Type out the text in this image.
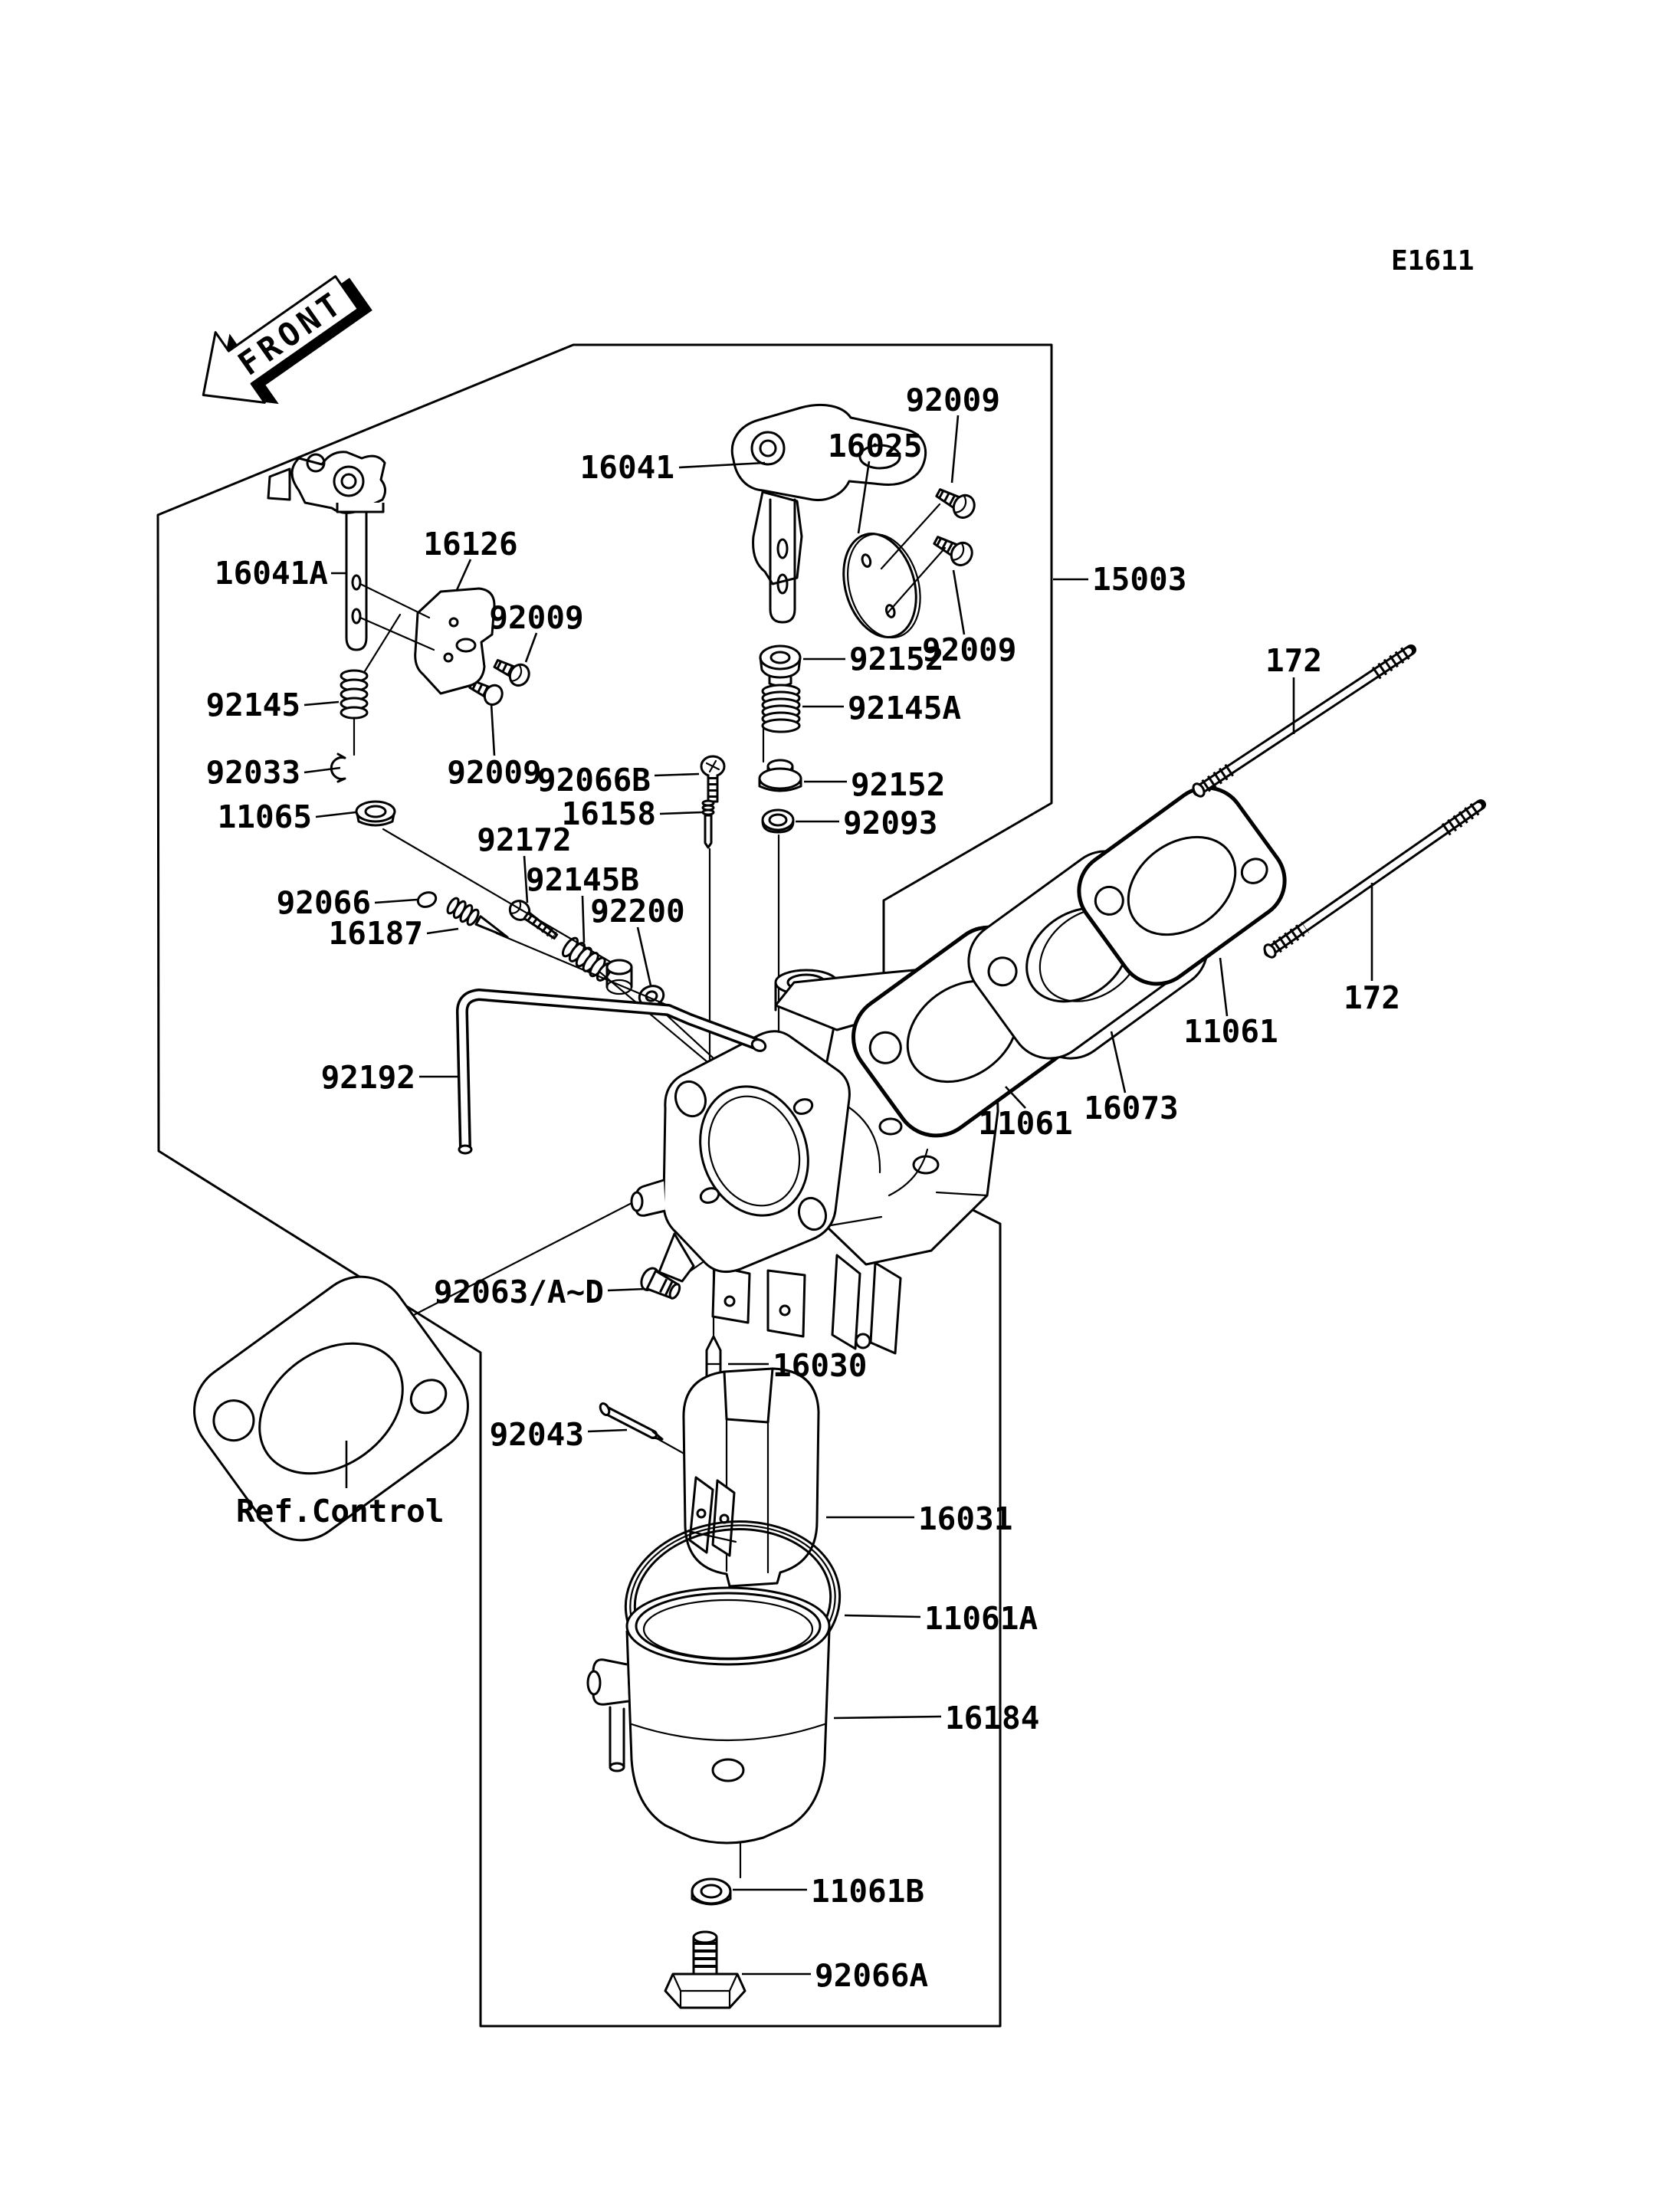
FRONT
E1611
16041
16025
92009
92009
15003
172
172
16126
16041A
92009
92009
92145
92033
11065
92066
16187
92172
92145B
92200
92152
92145A
92152
92093
92066B
16158
92192
11061 16073
11061
92063/A~D
16030
92043
16031
11061A
16184
11061B
92066A
Ref.Control
